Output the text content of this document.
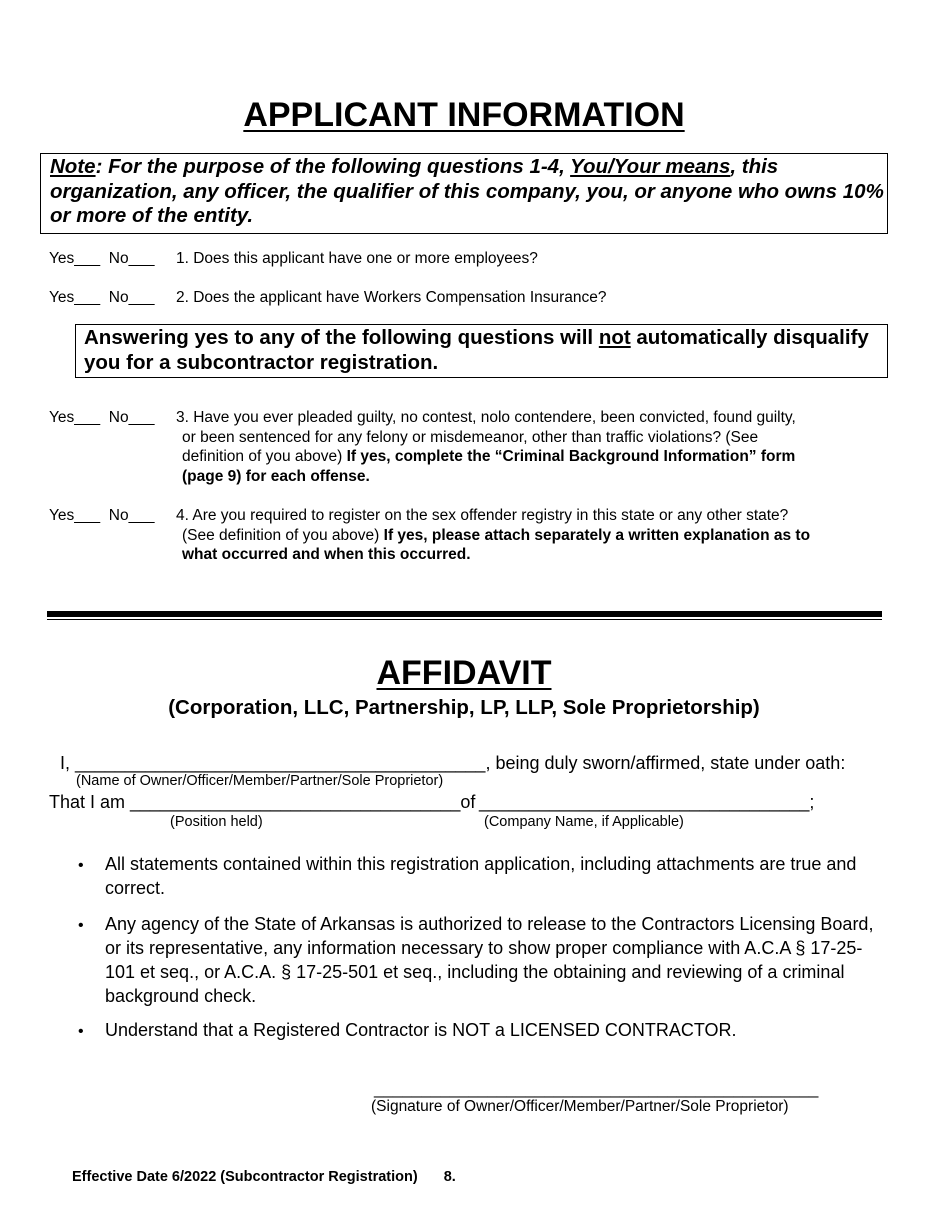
APPLICANT INFORMATION
Note: For the purpose of the following questions 1-4, You/Your means, this organization, any officer, the qualifier of this company, you, or anyone who owns 10% or more of the entity.
Yes___  No___ 1. Does this applicant have one or more employees?
Yes___  No___ 2. Does the applicant have Workers Compensation Insurance?
Answering yes to any of the following questions will not automatically disqualify you for a subcontractor registration.
Yes___  No___ 3. Have you ever pleaded guilty, no contest, nolo contendere, been convicted, found guilty,
or been sentenced for any felony or misdemeanor, other than traffic violations? (See
definition of you above) If yes, complete the “Criminal Background Information” form
(page 9) for each offense.
Yes___  No___ 4. Are you required to register on the sex offender registry in this state or any other state?
(See definition of you above) If yes, please attach separately a written explanation as to
what occurred and when this occurred.
AFFIDAVIT
(Corporation, LLC, Partnership, LP, LLP, Sole Proprietorship)
I, _________________________________________, being duly sworn/affirmed, state under oath:
(Name of Owner/Officer/Member/Partner/Sole Proprietor)
That I am _________________________________of _________________________________;
(Position held)	(Company Name, if Applicable)
• All statements contained within this registration application, including attachments are true and correct.
• Any agency of the State of Arkansas is authorized to release to the Contractors Licensing Board, or its representative, any information necessary to show proper compliance with A.C.A § 17-25- 101 et seq., or A.C.A. § 17-25-501 et seq., including the obtaining and reviewing of a criminal background check.
• Understand that a Registered Contractor is NOT a LICENSED CONTRACTOR.
_______________________________________________
(Signature of Owner/Officer/Member/Partner/Sole Proprietor)
Effective Date 6/2022 (Subcontractor Registration) 8.
